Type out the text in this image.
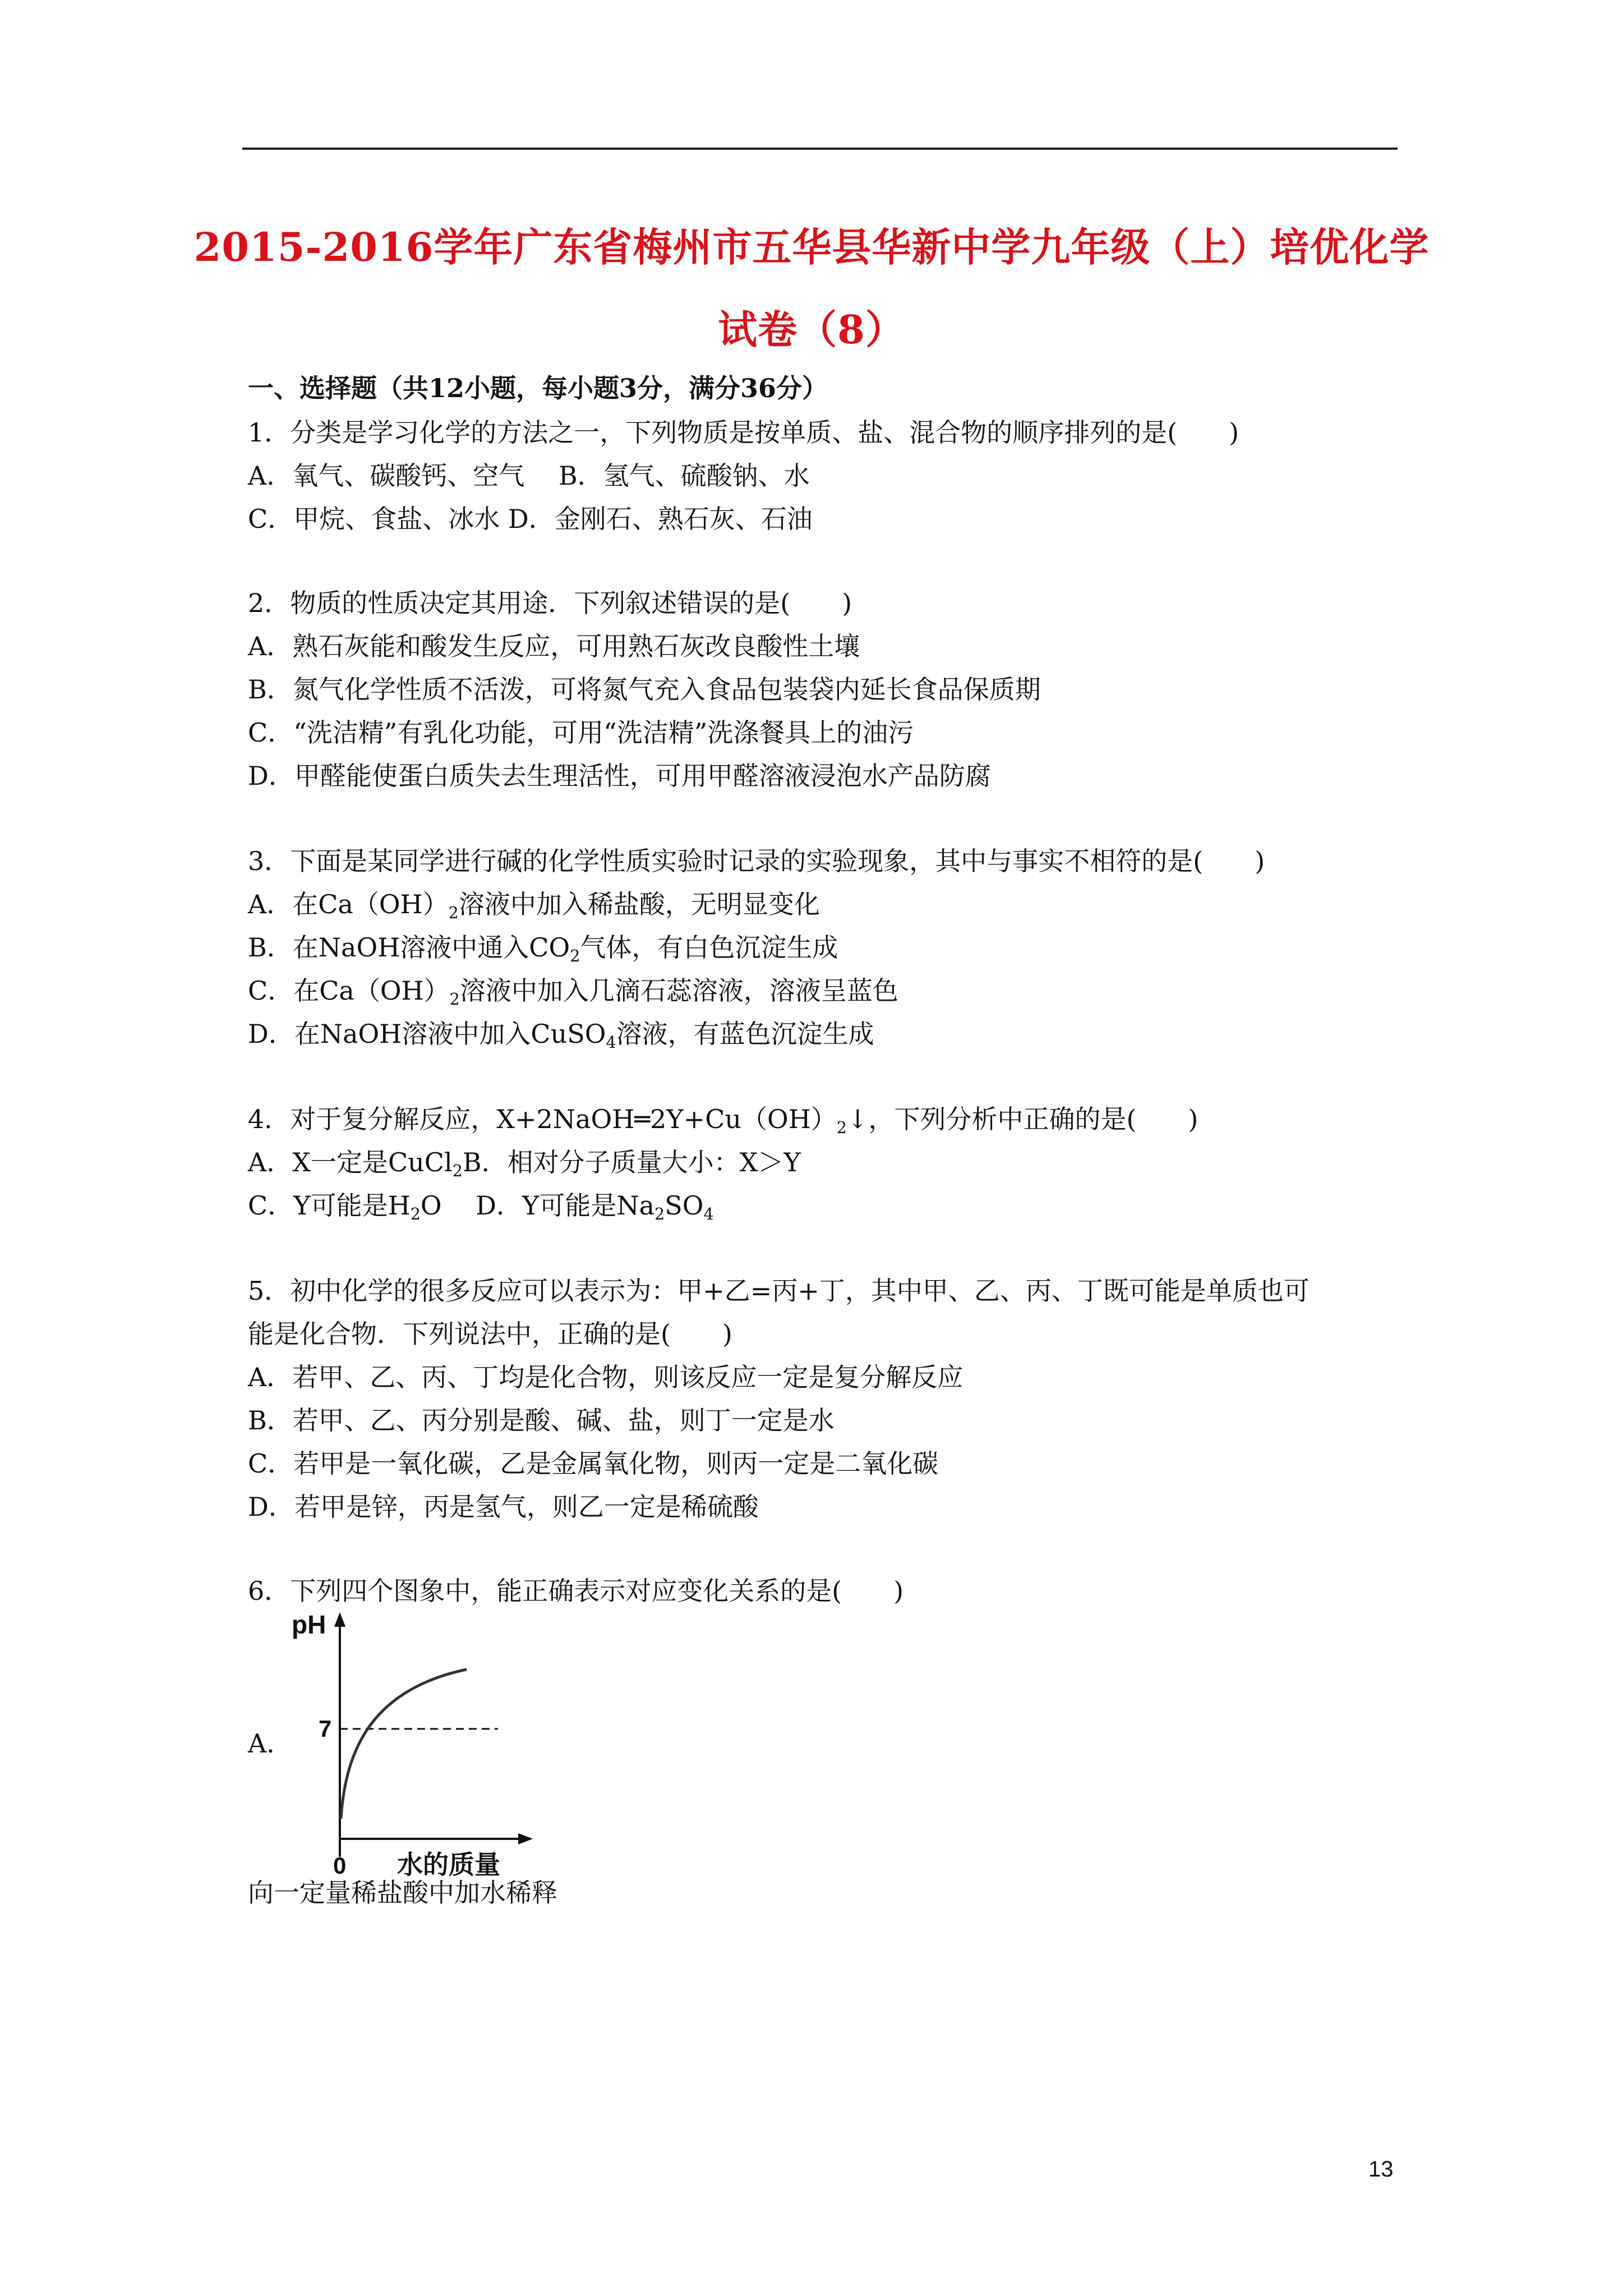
2015-2016学年广东省梅州市五华县华新中学九年级（上）培优化学
试卷（8）
一、选择题（共12小题，每小题3分，满分36分）
1．分类是学习化学的方法之一，下列物质是按单质、盐、混合物的顺序排列的是(　　)
A．氧气、碳酸钙、空气　 B．氢气、硫酸钠、水
C．甲烷、食盐、冰水 D．金刚石、熟石灰、石油
2．物质的性质决定其用途．下列叙述错误的是(　　)
A．熟石灰能和酸发生反应，可用熟石灰改良酸性土壤
B．氮气化学性质不活泼，可将氮气充入食品包装袋内延长食品保质期
C．“洗洁精”有乳化功能，可用“洗洁精”洗涤餐具上的油污
D．甲醛能使蛋白质失去生理活性，可用甲醛溶液浸泡水产品防腐
3．下面是某同学进行碱的化学性质实验时记录的实验现象，其中与事实不相符的是(　　)
A．在Ca（OH）2溶液中加入稀盐酸，无明显变化
B．在NaOH溶液中通入CO2气体，有白色沉淀生成
C．在Ca（OH）2溶液中加入几滴石蕊溶液，溶液呈蓝色
D．在NaOH溶液中加入CuSO4溶液，有蓝色沉淀生成
4．对于复分解反应，X+2NaOH═2Y+Cu（OH）2↓，下列分析中正确的是(　　)
A．X一定是CuCl2B．相对分子质量大小：X＞Y
C．Y可能是H2O　 D．Y可能是Na2SO4
5．初中化学的很多反应可以表示为：甲+乙=丙+丁，其中甲、乙、丙、丁既可能是单质也可
能是化合物．下列说法中，正确的是(　　)
A．若甲、乙、丙、丁均是化合物，则该反应一定是复分解反应
B．若甲、乙、丙分别是酸、碱、盐，则丁一定是水
C．若甲是一氧化碳，乙是金属氧化物，则丙一定是二氧化碳
D．若甲是锌，丙是氢气，则乙一定是稀硫酸
6．下列四个图象中，能正确表示对应变化关系的是(　　)
A．
pH
7
0 水的质量
向一定量稀盐酸中加水稀释
13
